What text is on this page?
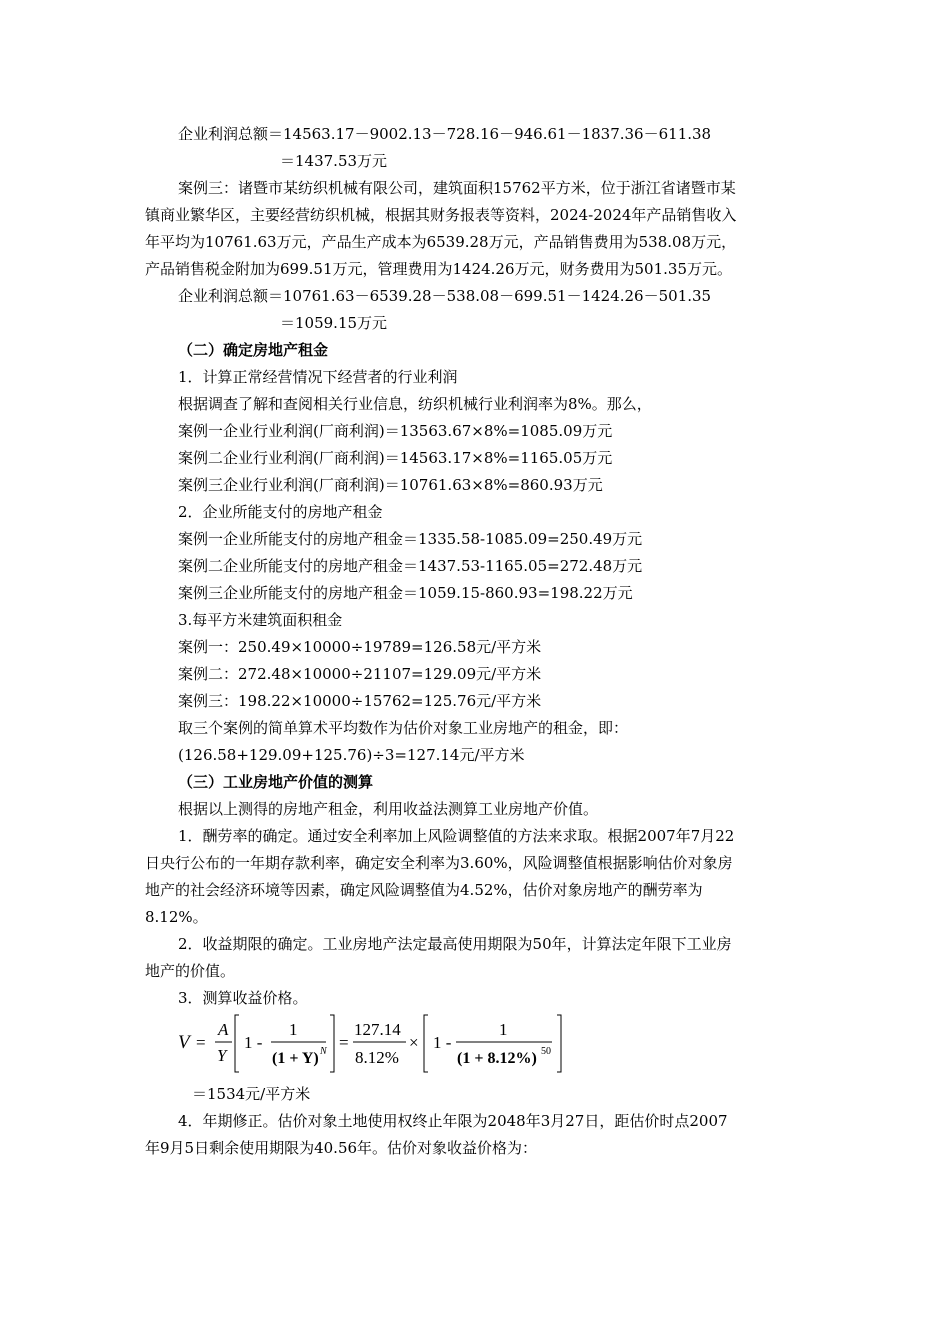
企业利润总额＝14563.17－9002.13－728.16－946.61－1837.36－611.38
＝1437.53万元
案例三：诸暨市某纺织机械有限公司，建筑面积15762平方米，位于浙江省诸暨市某
镇商业繁华区，主要经营纺织机械，根据其财务报表等资料，2024-2024年产品销售收入
年平均为10761.63万元，产品生产成本为6539.28万元，产品销售费用为538.08万元，
产品销售税金附加为699.51万元，管理费用为1424.26万元，财务费用为501.35万元。
企业利润总额＝10761.63－6539.28－538.08－699.51－1424.26－501.35
＝1059.15万元
（二）确定房地产租金
1．计算正常经营情况下经营者的行业利润
根据调查了解和查阅相关行业信息，纺织机械行业利润率为8%。那么，
案例一企业行业利润(厂商利润)＝13563.67×8%=1085.09万元
案例二企业行业利润(厂商利润)＝14563.17×8%=1165.05万元
案例三企业行业利润(厂商利润)＝10761.63×8%=860.93万元
2．企业所能支付的房地产租金
案例一企业所能支付的房地产租金＝1335.58-1085.09=250.49万元
案例二企业所能支付的房地产租金＝1437.53-1165.05=272.48万元
案例三企业所能支付的房地产租金＝1059.15-860.93=198.22万元
3.每平方米建筑面积租金
案例一：250.49×10000÷19789=126.58元/平方米
案例二：272.48×10000÷21107=129.09元/平方米
案例三：198.22×10000÷15762=125.76元/平方米
取三个案例的简单算术平均数作为估价对象工业房地产的租金，即：
(126.58+129.09+125.76)÷3=127.14元/平方米
（三）工业房地产价值的测算
根据以上测得的房地产租金，利用收益法测算工业房地产价值。
1．酬劳率的确定。通过安全利率加上风险调整值的方法来求取。根据2007年7月22
日央行公布的一年期存款利率，确定安全利率为3.60%，风险调整值根据影响估价对象房
地产的社会经济环境等因素，确定风险调整值为4.52%，估价对象房地产的酬劳率为
8.12%。
2．收益期限的确定。工业房地产法定最高使用期限为50年，计算法定年限下工业房
地产的价值。
3．测算收益价格。
V =
A
Y
1 -
1
(1 + Y) N =
127.14
8.12%
× 1 -
1
(1 + 8.12%) 50
＝1534元/平方米
4．年期修正。估价对象土地使用权终止年限为2048年3月27日，距估价时点2007
年9月5日剩余使用期限为40.56年。估价对象收益价格为：
